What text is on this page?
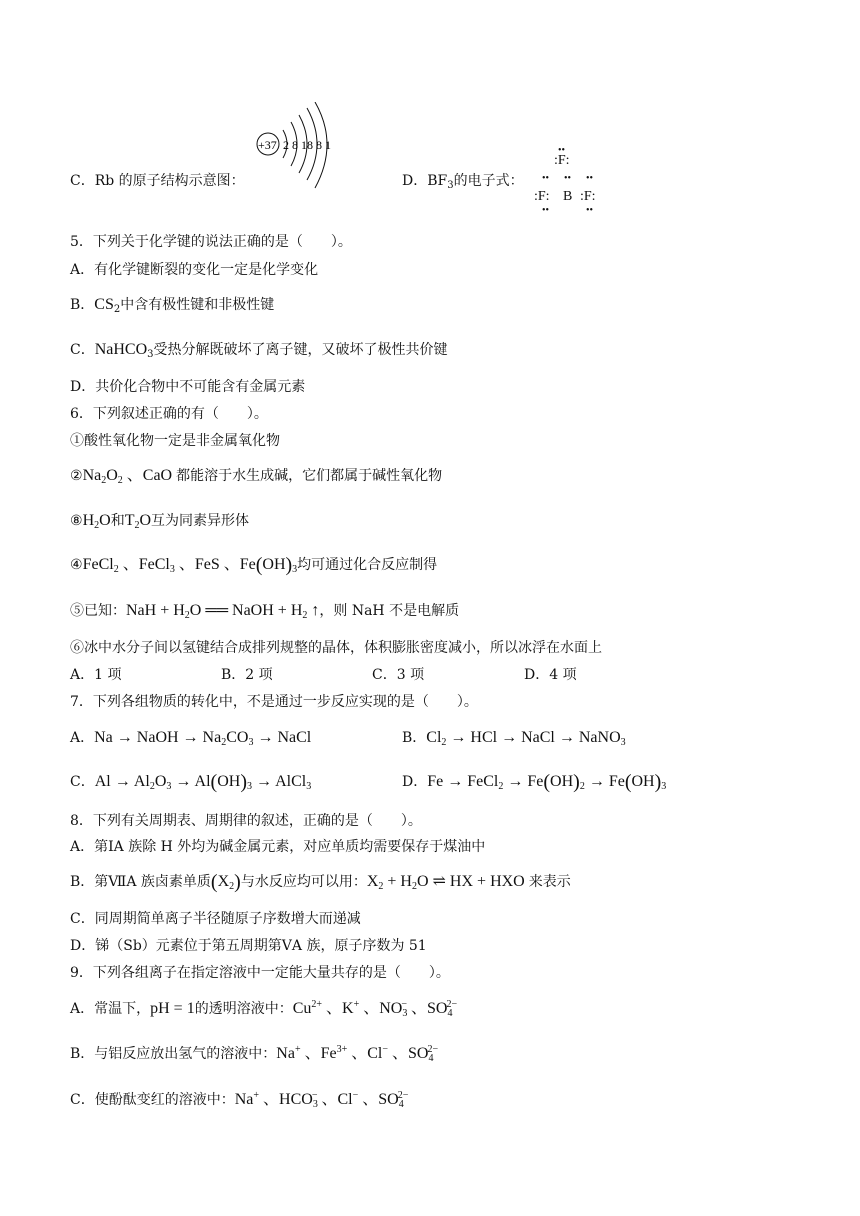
C．Rb 的原子结构示意图：
+37 2 8 18 8 1
D．$BF_3$的电子式：
••
:F:
•• •• ••
:F: B :F:
••	••
5．下列关于化学键的说法正确的是（　　）。
A．有化学键断裂的变化一定是化学变化
B．$CS_2$中含有极性键和非极性键
C．NaHCO$_3$受热分解既破坏了离子键，又破坏了极性共价键
D．共价化合物中不可能含有金属元素
6．下列叙述正确的有（　　）。
①酸性氧化物一定是非金属氧化物
$②Na_2O_2$ 、CaO 都能溶于水生成碱，它们都属于碱性氧化物
$⑧H_2O$和$T_2O$互为同素异形体
④FeCl$_2$ 、FeCl$_3$ 、FeS 、$Fe(OH)_3$均可通过化合反应制得
⑤已知：NaH + $H_2O$ ══ NaOH + $H_2$ ↑，则 NaH 不是电解质
⑥冰中水分子间以氢键结合成排列规整的晶体，体积膨胀密度减小，所以冰浮在水面上
A．1 项	B．2 项	C．3 项	D．4 项
7．下列各组物质的转化中，不是通过一步反应实现的是（　　）。
A．Na → NaOH → $Na_2CO_3$ → NaCl	B．$Cl_2$ → HCl → NaCl → NaNO$_3$
C．$Al \to Al_2O_3 \to Al(OH)_3$ → AlCl$_3$	D．Fe → FeCl$_2$ → $Fe(OH)_2 \to Fe(OH)_3$
8．下列有关周期表、周期律的叙述，正确的是（　　）。
A．第ⅠA 族除 H 外均为碱金属元素，对应单质均需要保存于煤油中
B．第ⅦA 族卤素单质$(X_2)$与水反应均可以用：$X_2 + H_2O$ ⇌ HX + HXO 来表示
C．同周期简单离子半径随原子序数增大而递减
D．锑（Sb）元素位于第五周期第ⅤA 族，原子序数为 51
9．下列各组离子在指定溶液中一定能大量共存的是（　　）。
A．常温下，pH = 1的透明溶液中：$Cu^{2+}$ 、K+ 、$NO_3^-$ 、$SO_4^{2-}$
B．与铝反应放出氢气的溶液中：Na+ 、$Fe^{3+}$ 、Cl− 、$SO_4^{2-}$
C．使酚酞变红的溶液中：Na+ 、$HCO_3^-$ 、Cl− 、$SO_4^{2-}$
